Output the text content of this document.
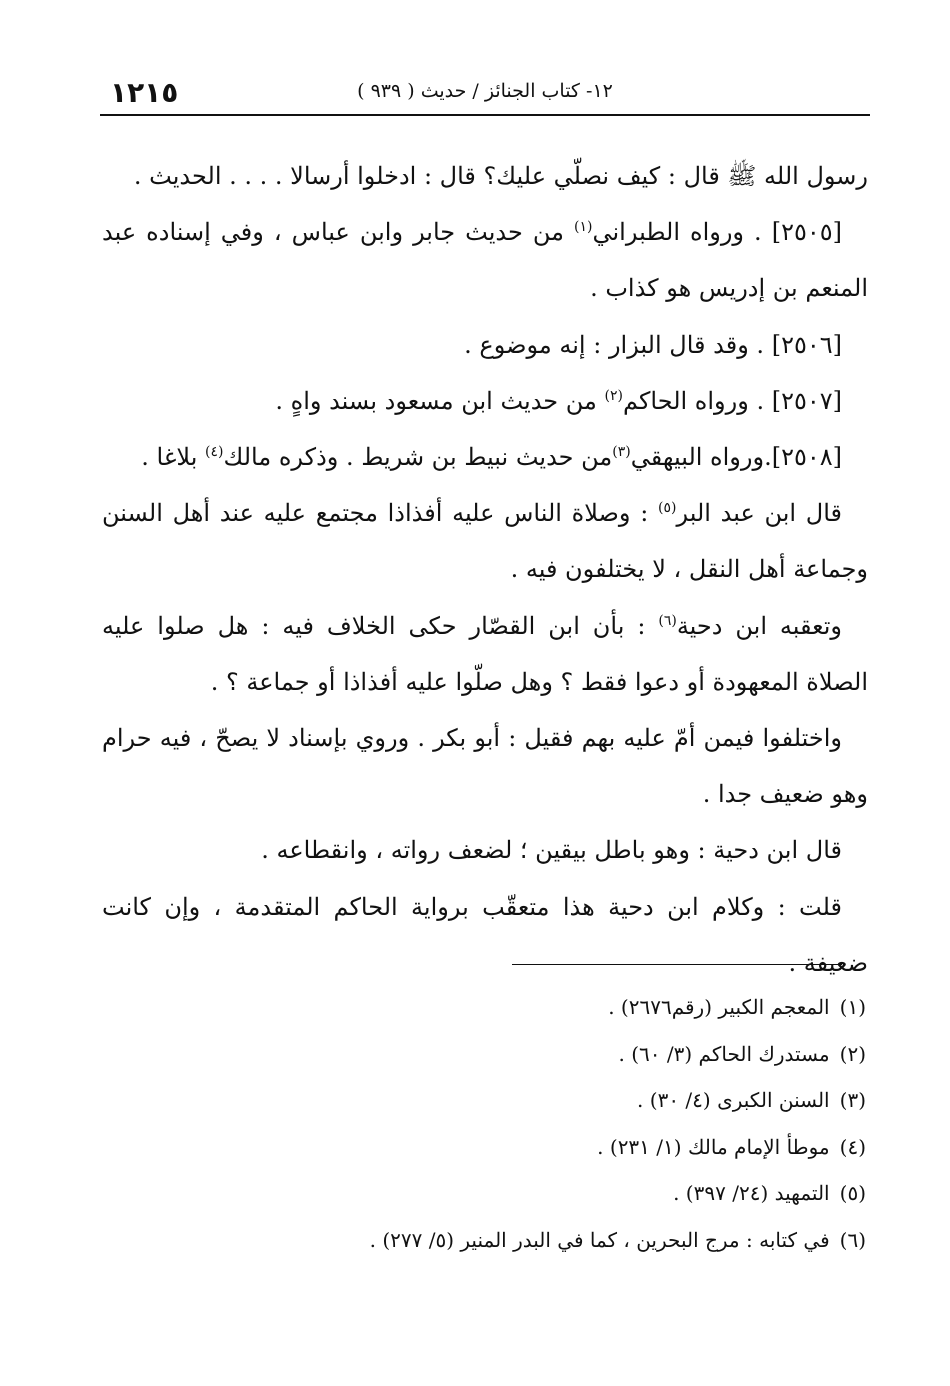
١٢- كتاب الجنائز / حديث ( ٩٣٩ )
١٢١٥

رسول الله ﷺ قال : كيف نصلّي عليك؟ قال : ادخلوا أرسالا . . . . الحديث .

[٢٥٠٥] . ورواه الطبراني$^{(١)}$ من حديث جابر وابن عباس ، وفي إسناده عبد المنعم بن إدريس هو كذاب .

[٢٥٠٦] . وقد قال البزار : إنه موضوع .

[٢٥٠٧] . ورواه الحاكم$^{(٢)}$ من حديث ابن مسعود بسند واهٍ .

[٢٥٠٨].ورواه البيهقي$^{(٣)}$من حديث نبيط بن شريط . وذكره مالك$^{(٤)}$ بلاغا .

قال ابن عبد البر$^{(٥)}$ : وصلاة الناس عليه أفذاذا مجتمع عليه عند أهل السنن وجماعة أهل النقل ، لا يختلفون فيه .

وتعقبه ابن دحية$^{(٦)}$ : بأن ابن القصّار حكى الخلاف فيه : هل صلوا عليه الصلاة المعهودة أو دعوا فقط ؟ وهل صلّوا عليه أفذاذا أو جماعة ؟ .

واختلفوا فيمن أمّ عليه بهم فقيل : أبو بكر . وروي بإسناد لا يصحّ ، فيه حرام وهو ضعيف جدا .

قال ابن دحية : وهو باطل بيقين ؛ لضعف رواته ، وانقطاعه .

قلت : وكلام ابن دحية هذا متعقّب برواية الحاكم المتقدمة ، وإن كانت ضعيفة .

(١)المعجم الكبير (رقم٢٦٧٦) .

(٢)مستدرك الحاكم (٣/ ٦٠) .

(٣)السنن الكبرى (٤/ ٣٠) .

(٤)موطأ الإمام مالك (١/ ٢٣١) .

(٥)التمهيد (٢٤/ ٣٩٧) .

(٦)في كتابه : مرج البحرين ، كما في البدر المنير (٥/ ٢٧٧) .
